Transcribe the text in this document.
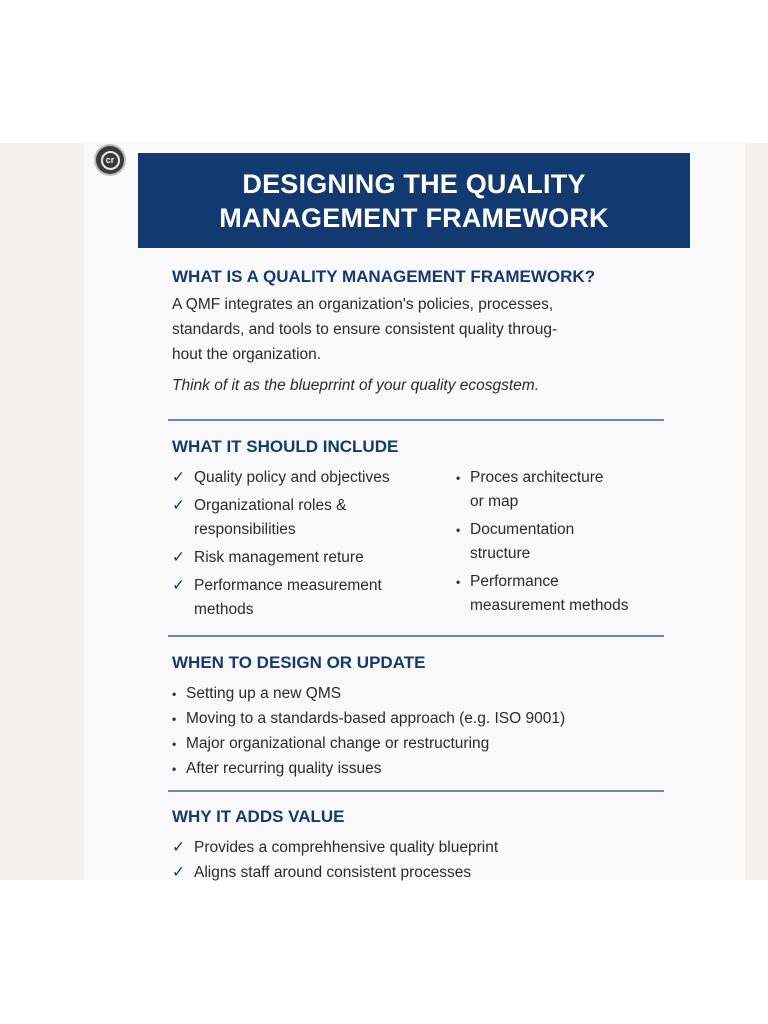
cr
DESIGNING THE QUALITY
MANAGEMENT FRAMEWORK
WHAT IS A QUALITY MANAGEMENT FRAMEWORK?
A QMF integrates an organization's policies, processes,
standards, and tools to ensure consistent quality throug-
hout the organization.
Think of it as the blueprrint of your quality ecosgstem.
WHAT IT SHOULD INCLUDE
✓ Quality policy and objectives
✓ Organizational roles &
responsibilities
✓ Risk management reture
✓ Performance measurement
methods
• Proces architecture
or map
• Documentation
structure
• Performance
measurement methods
WHEN TO DESIGN OR UPDATE
• Setting up a new QMS
• Moving to a standards-based approach (e.g. ISO 9001)
• Major organizational change or restructuring
• After recurring quality issues
WHY IT ADDS VALUE
✓ Provides a comprehhensive quality blueprint
✓ Aligns staff around consistent processes
